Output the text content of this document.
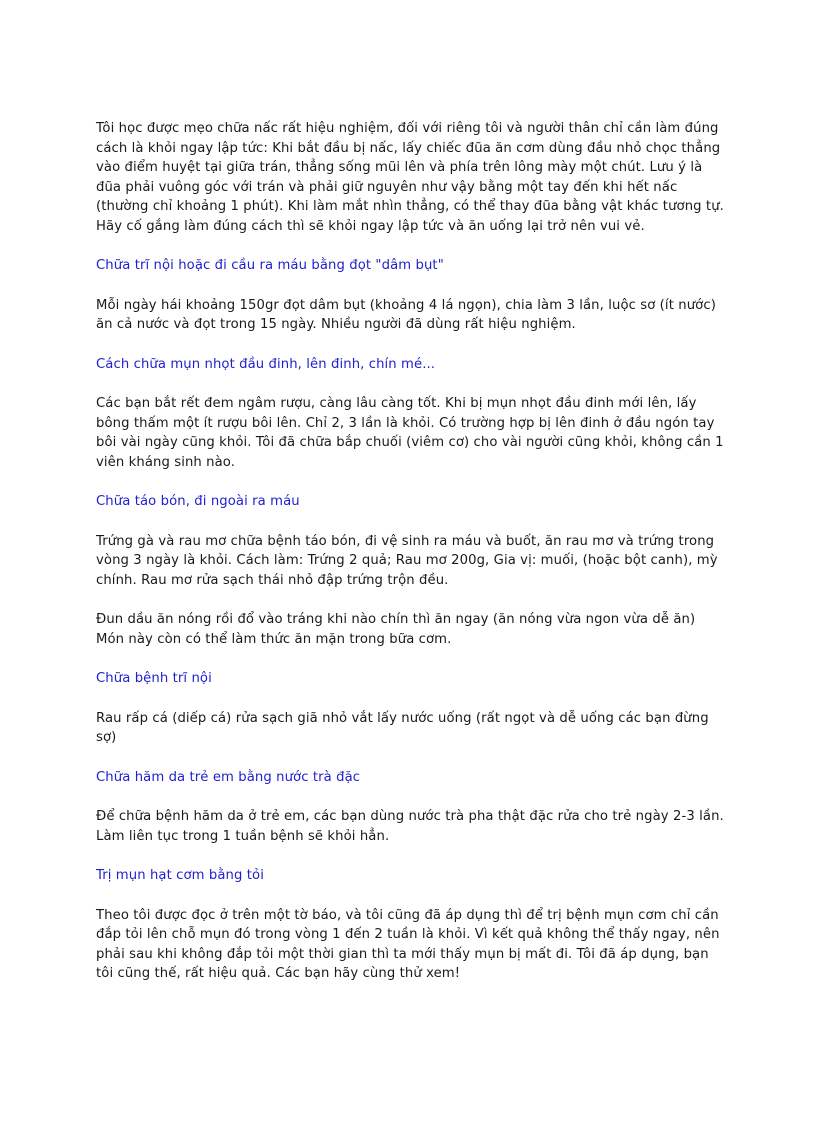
Tôi học được mẹo chữa nấc rất hiệu nghiệm, đối với riêng tôi và người thân chỉ cần làm đúng cách là khỏi ngay lập tức: Khi bắt đầu bị nấc, lấy chiếc đũa ăn cơm dùng đầu nhỏ chọc thẳng vào điểm huyệt tại giữa trán, thẳng sống mũi lên và phía trên lông mày một chút. Lưu ý là đũa phải vuông góc với trán và phải giữ nguyên như vậy bằng một tay đến khi hết nấc (thường chỉ khoảng 1 phút). Khi làm mắt nhìn thẳng, có thể thay đũa bằng vật khác tương tự. Hãy cố gắng làm đúng cách thì sẽ khỏi ngay lập tức và ăn uống lại trở nên vui vẻ.

Chữa trĩ nội hoặc đi cầu ra máu bằng đọt "dâm bụt"

Mỗi ngày hái khoảng 150gr đọt dâm bụt (khoảng 4 lá ngọn), chia làm 3 lần, luộc sơ (ít nước) ăn cả nước và đọt trong 15 ngày. Nhiều người đã dùng rất hiệu nghiệm.

Cách chữa mụn nhọt đầu đinh, lên đinh, chín mé...

Các bạn bắt rết đem ngâm rượu, càng lâu càng tốt. Khi bị mụn nhọt đầu đinh mới lên, lấy bông thấm một ít rượu bôi lên. Chỉ 2, 3 lần là khỏi. Có trường hợp bị lên đinh ở đầu ngón tay bôi vài ngày cũng khỏi. Tôi đã chữa bắp chuối (viêm cơ) cho vài người cũng khỏi, không cần 1 viên kháng sinh nào.

Chữa táo bón, đi ngoài ra máu

Trứng gà và rau mơ chữa bệnh táo bón, đi vệ sinh ra máu và buốt, ăn rau mơ và trứng trong vòng 3 ngày là khỏi. Cách làm: Trứng 2 quả; Rau mơ 200g, Gia vị: muối, (hoặc bột canh), mỳ chính. Rau mơ rửa sạch thái nhỏ đập trứng trộn đều.

Đun dầu ăn nóng rồi đổ vào tráng khi nào chín thì ăn ngay (ăn nóng vừa ngon vừa dễ ăn) Món này còn có thể làm thức ăn mặn trong bữa cơm.

Chữa bệnh trĩ nội

Rau rấp cá (diếp cá) rửa sạch giã nhỏ vắt lấy nước uống (rất ngọt và dễ uống các bạn đừng sợ)

Chữa hăm da trẻ em bằng nước trà đặc

Để chữa bệnh hăm da ở trẻ em, các bạn dùng nước trà pha thật đặc rửa cho trẻ ngày 2-3 lần. Làm liên tục trong 1 tuần bệnh sẽ khỏi hẳn.

Trị mụn hạt cơm bằng tỏi

Theo tôi được đọc ở trên một tờ báo, và tôi cũng đã áp dụng thì để trị bệnh mụn cơm chỉ cần đắp tỏi lên chỗ mụn đó trong vòng 1 đến 2 tuần là khỏi. Vì kết quả không thể thấy ngay, nên phải sau khi không đắp tỏi một thời gian thì ta mới thấy mụn bị mất đi. Tôi đã áp dụng, bạn tôi cũng thế, rất hiệu quả. Các bạn hãy cùng thử xem!
